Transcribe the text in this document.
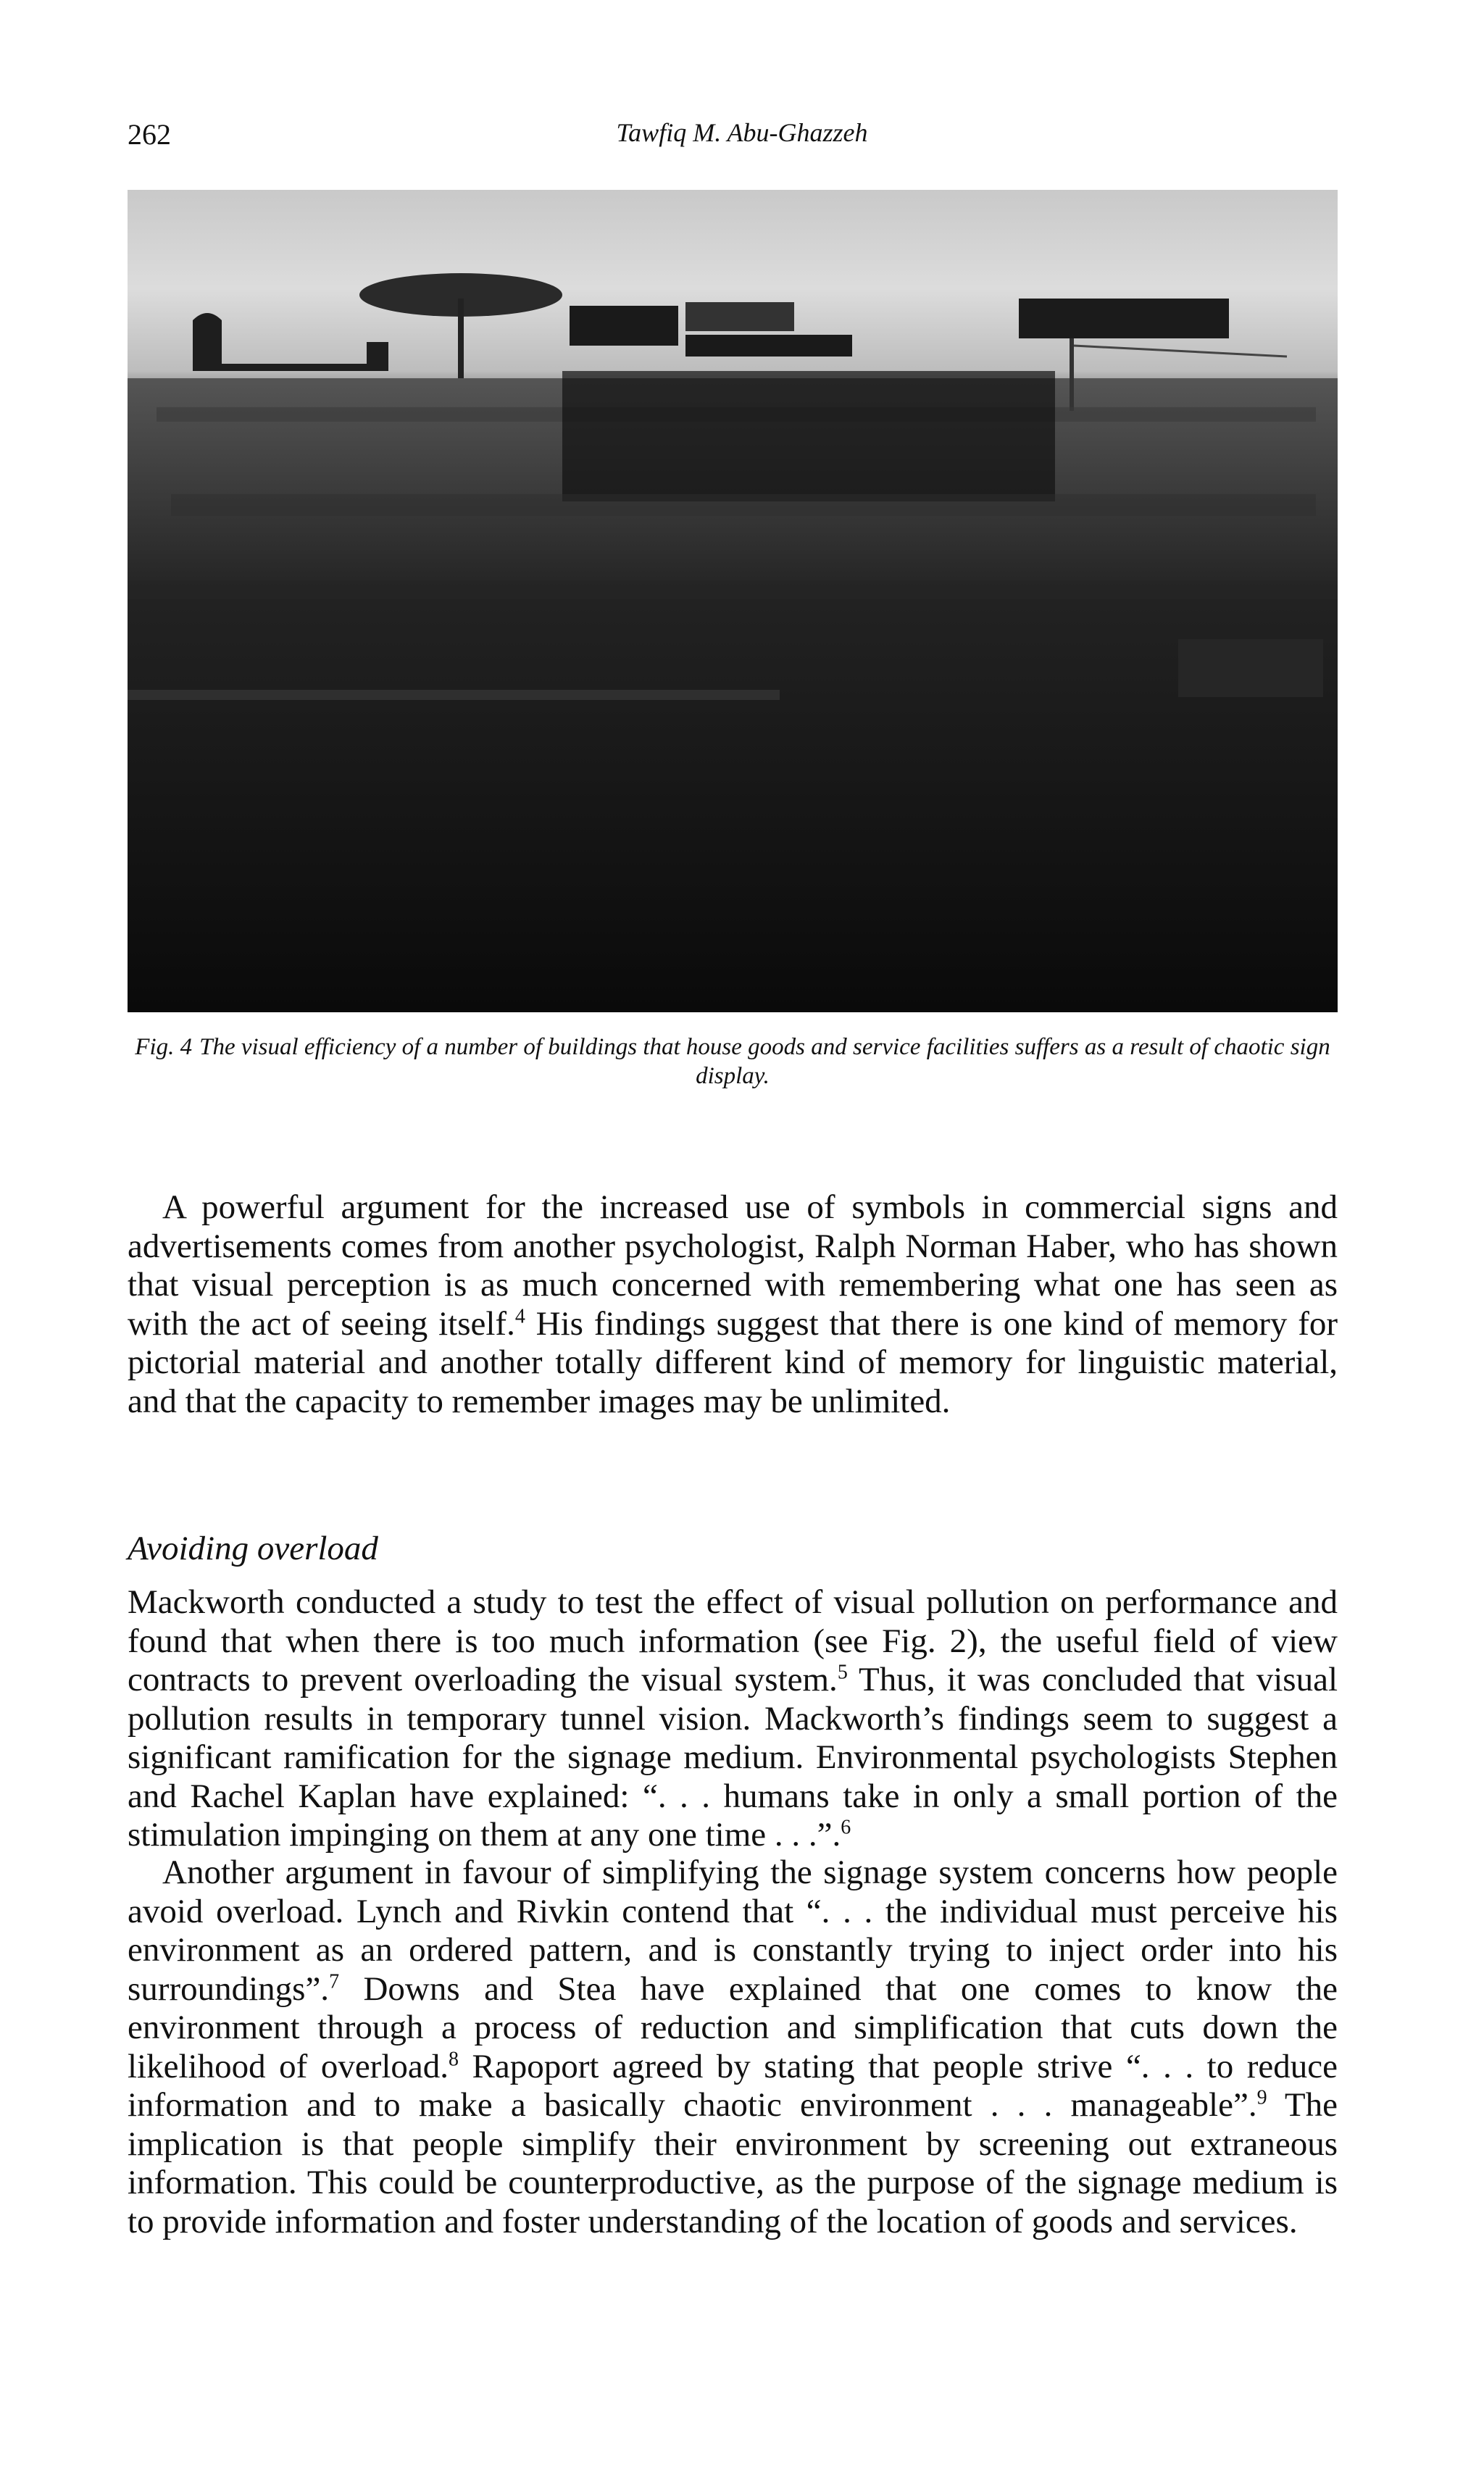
262	Tawfiq M. Abu-Ghazzeh
Fig. 4 The visual efficiency of a number of buildings that house goods and service facilities suffers as a result of chaotic sign display.

A powerful argument for the increased use of symbols in commercial signs and advertisements comes from another psychologist, Ralph Norman Haber, who has shown that visual perception is as much concerned with remembering what one has seen as with the act of seeing itself.$^4$ His findings suggest that there is one kind of memory for pictorial material and another totally different kind of memory for linguistic material, and that the capacity to remember images may be unlimited.

Avoiding overload

Mackworth conducted a study to test the effect of visual pollution on performance and found that when there is too much information (see Fig. 2), the useful field of view contracts to prevent overloading the visual system.$^5$ Thus, it was concluded that visual pollution results in temporary tunnel vision. Mackworth’s findings seem to suggest a significant ramification for the signage medium. Environmental psychologists Stephen and Rachel Kaplan have explained: “. . . humans take in only a small portion of the stimulation impinging on them at any one time . . .”.$^6$

Another argument in favour of simplifying the signage system concerns how people avoid overload. Lynch and Rivkin contend that “. . . the individual must perceive his environment as an ordered pattern, and is constantly trying to inject order into his surroundings”.$^7$ Downs and Stea have explained that one comes to know the environment through a process of reduction and simplification that cuts down the likelihood of overload.$^8$ Rapoport agreed by stating that people strive “. . . to reduce information and to make a basically chaotic environment . . . manageable”.$^9$ The implication is that people simplify their environment by screening out extraneous information. This could be counterproductive, as the purpose of the signage medium is to provide information and foster understanding of the location of goods and services.
